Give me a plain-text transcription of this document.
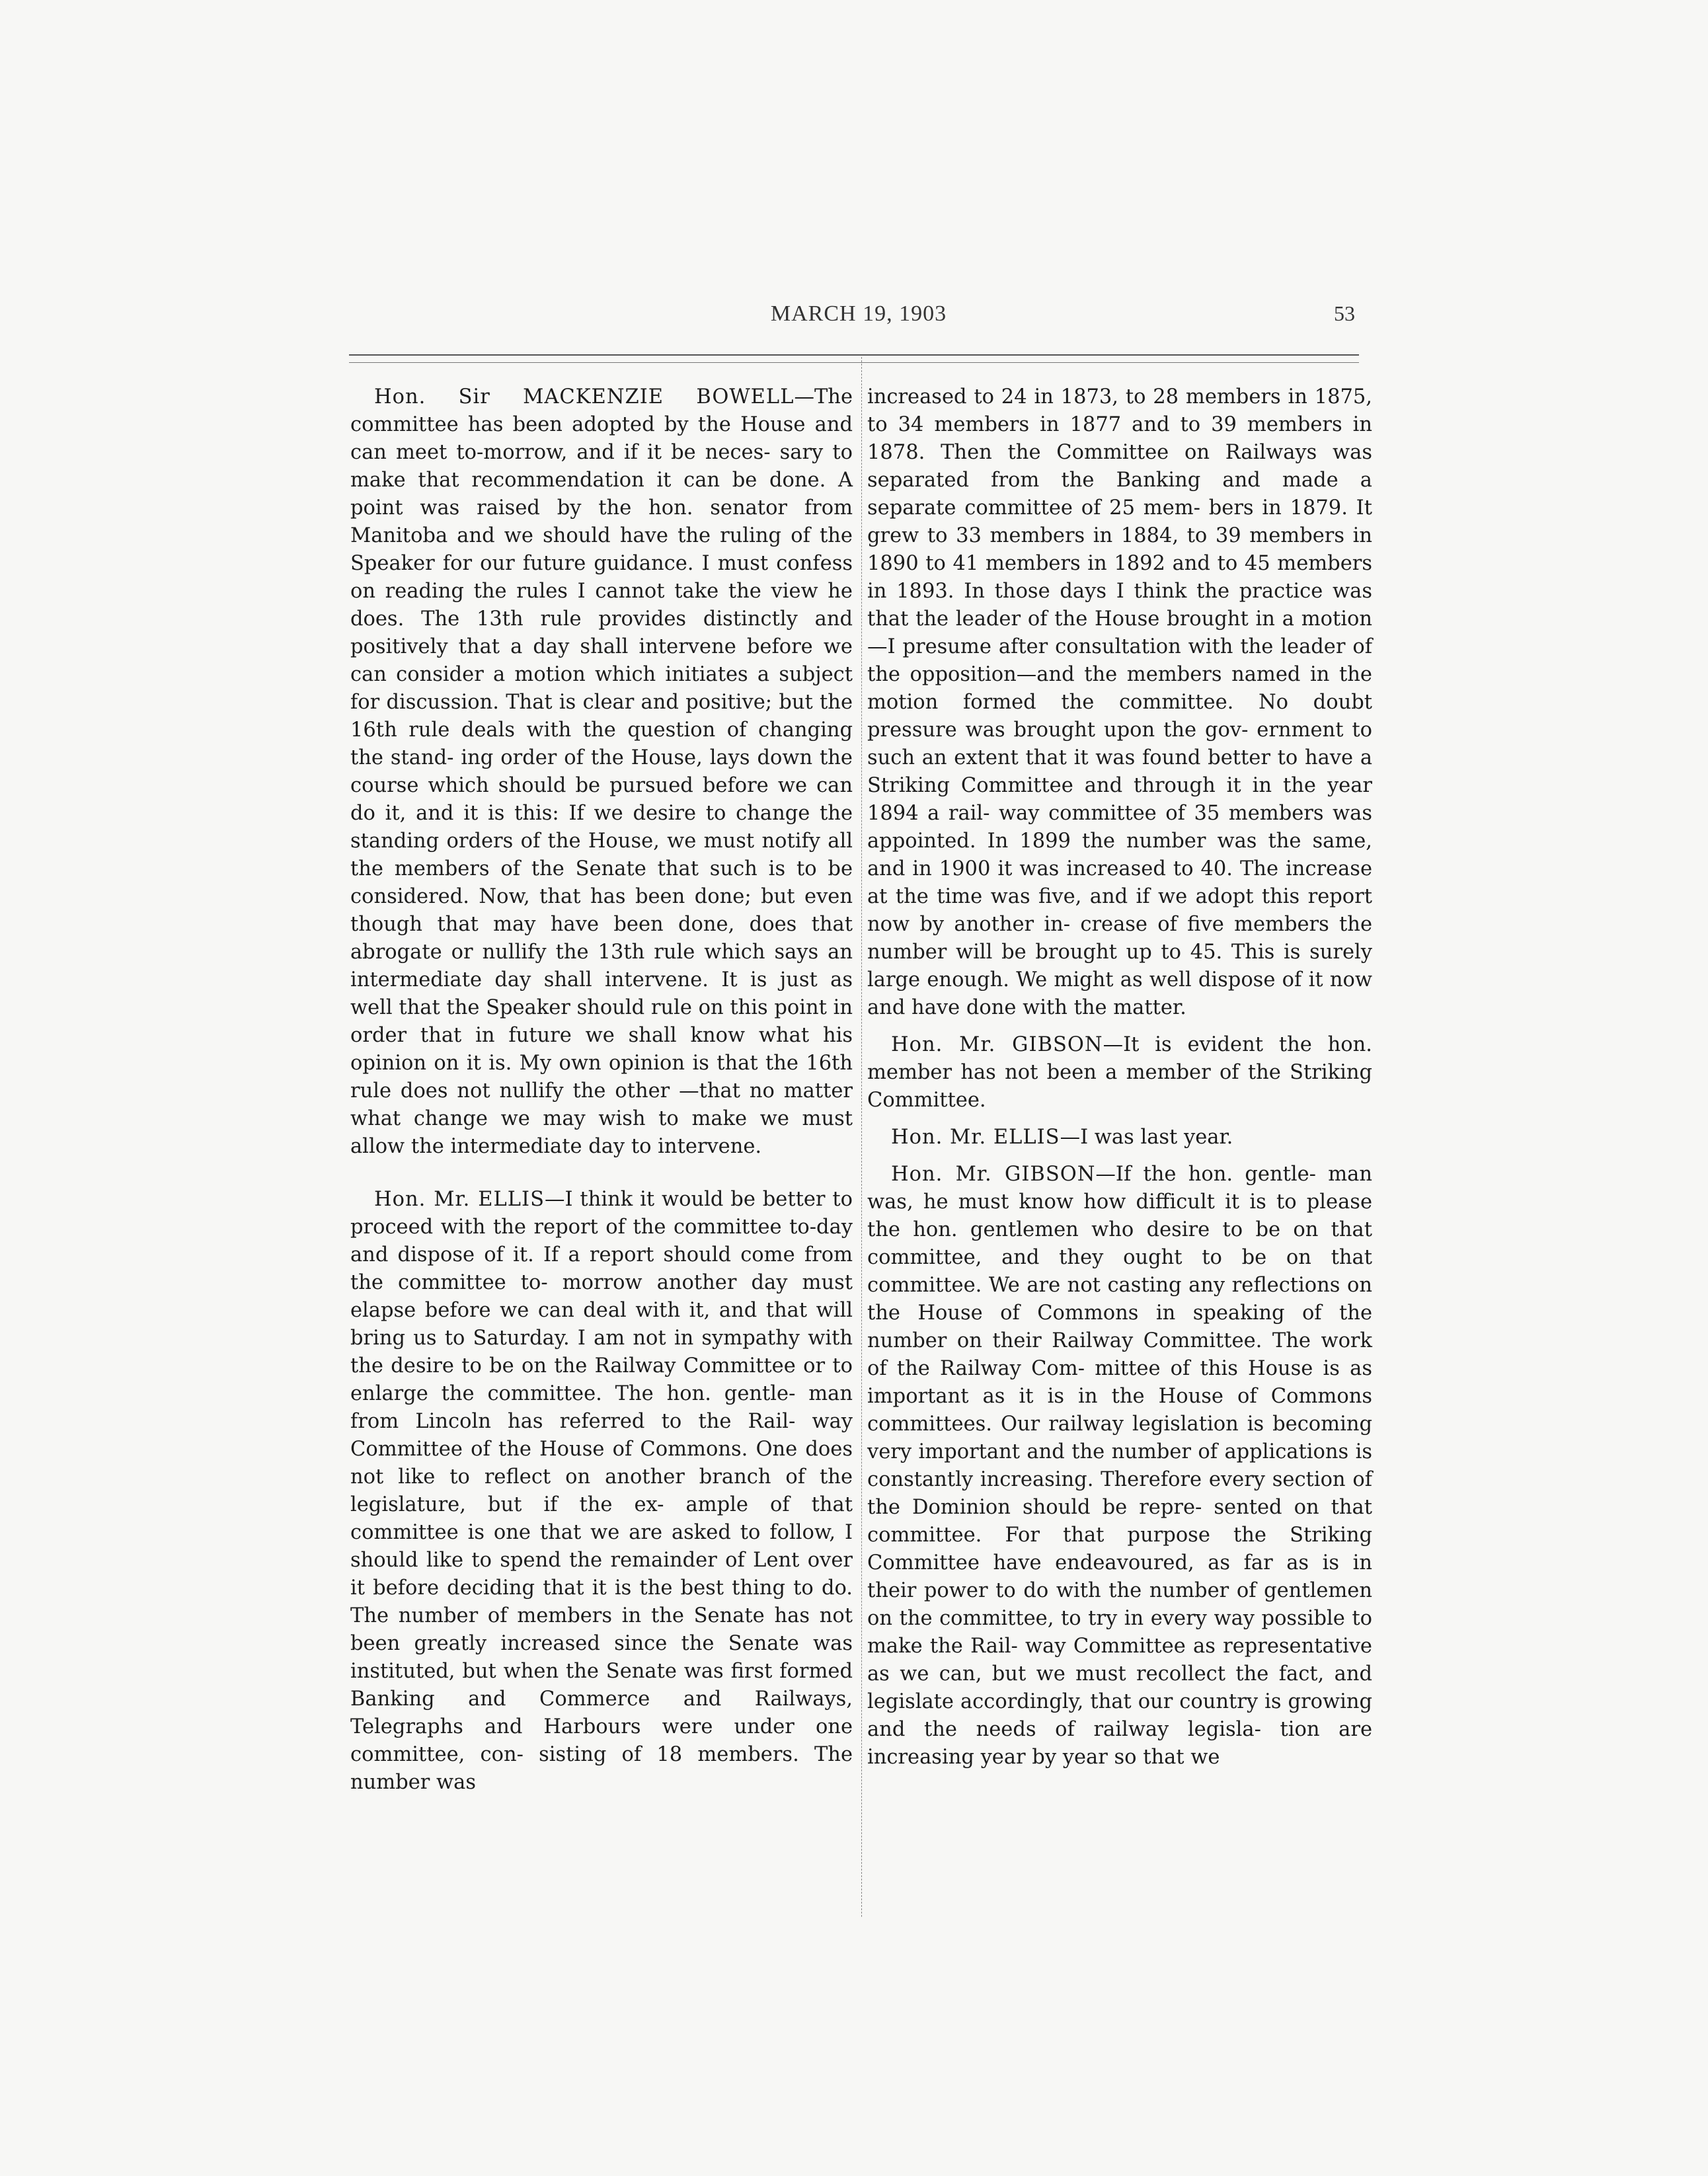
MARCH 19, 1903	53

Hon. Sir MACKENZIE BOWELL—The committee has been adopted by the House and can meet to-morrow, and if it be neces- sary to make that recommendation it can be done. A point was raised by the hon. senator from Manitoba and we should have the ruling of the Speaker for our future guidance. I must confess on reading the rules I cannot take the view he does. The 13th rule provides distinctly and positively that a day shall intervene before we can consider a motion which initiates a subject for discussion. That is clear and positive; but the 16th rule deals with the question of changing the stand- ing order of the House, lays down the course which should be pursued before we can do it, and it is this: If we desire to change the standing orders of the House, we must notify all the members of the Senate that such is to be considered. Now, that has been done; but even though that may have been done, does that abrogate or nullify the 13th rule which says an intermediate day shall intervene. It is just as well that the Speaker should rule on this point in order that in future we shall know what his opinion on it is. My own opinion is that the 16th rule does not nullify the other —that no matter what change we may wish to make we must allow the intermediate day to intervene.

Hon. Mr. ELLIS—I think it would be better to proceed with the report of the committee to-day and dispose of it. If a report should come from the committee to- morrow another day must elapse before we can deal with it, and that will bring us to Saturday. I am not in sympathy with the desire to be on the Railway Committee or to enlarge the committee. The hon. gentle- man from Lincoln has referred to the Rail- way Committee of the House of Commons. One does not like to reflect on another branch of the legislature, but if the ex- ample of that committee is one that we are asked to follow, I should like to spend the remainder of Lent over it before deciding that it is the best thing to do. The number of members in the Senate has not been greatly increased since the Senate was instituted, but when the Senate was first formed Banking and Commerce and Railways, Telegraphs and Harbours were under one committee, con- sisting of 18 members. The number was

increased to 24 in 1873, to 28 members in 1875, to 34 members in 1877 and to 39 members in 1878. Then the Committee on Railways was separated from the Banking and made a separate committee of 25 mem- bers in 1879. It grew to 33 members in 1884, to 39 members in 1890 to 41 members in 1892 and to 45 members in 1893. In those days I think the practice was that the leader of the House brought in a motion—I presume after consultation with the leader of the opposition—and the members named in the motion formed the committee. No doubt pressure was brought upon the gov- ernment to such an extent that it was found better to have a Striking Committee and through it in the year 1894 a rail- way committee of 35 members was appointed. In 1899 the number was the same, and in 1900 it was increased to 40. The increase at the time was five, and if we adopt this report now by another in- crease of five members the number will be brought up to 45. This is surely large enough. We might as well dispose of it now and have done with the matter.

Hon. Mr. GIBSON—It is evident the hon. member has not been a member of the Striking Committee.

Hon. Mr. ELLIS—I was last year.

Hon. Mr. GIBSON—If the hon. gentle- man was, he must know how difficult it is to please the hon. gentlemen who desire to be on that committee, and they ought to be on that committee. We are not casting any reflections on the House of Commons in speaking of the number on their Railway Committee. The work of the Railway Com- mittee of this House is as important as it is in the House of Commons committees. Our railway legislation is becoming very important and the number of applications is constantly increasing. Therefore every section of the Dominion should be repre- sented on that committee. For that purpose the Striking Committee have endeavoured, as far as is in their power to do with the number of gentlemen on the committee, to try in every way possible to make the Rail- way Committee as representative as we can, but we must recollect the fact, and legislate accordingly, that our country is growing and the needs of railway legisla- tion are increasing year by year so that we
